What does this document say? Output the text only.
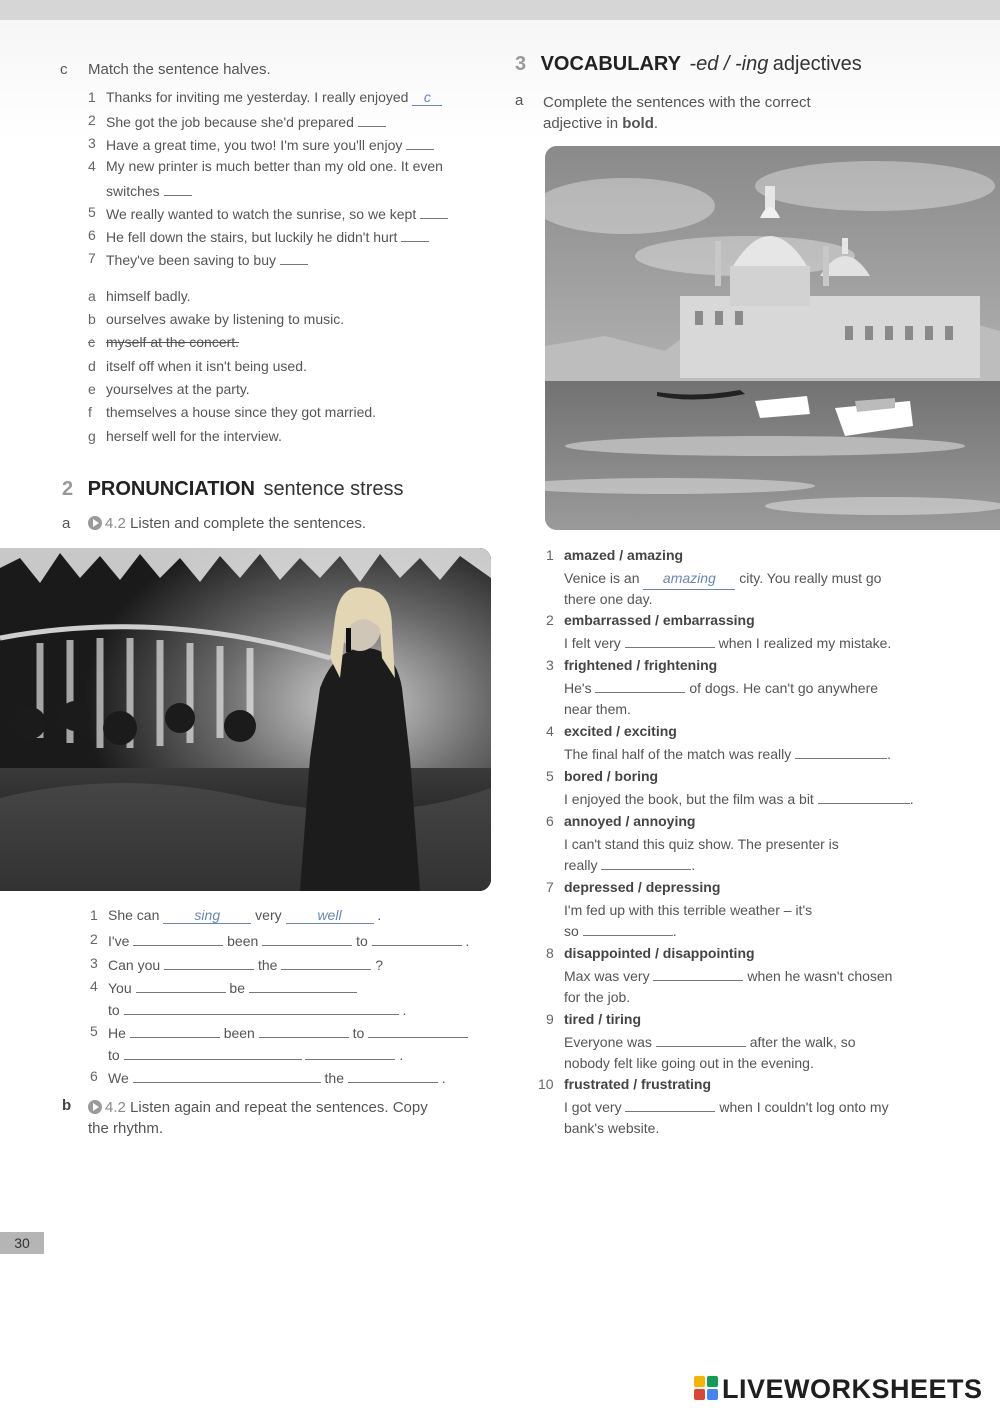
c Match the sentence halves.
1 Thanks for inviting me yesterday. I really enjoyed c
2 She got the job because she'd prepared
3 Have a great time, you two! I'm sure you'll enjoy
4 My new printer is much better than my old one. It even
switches
5 We really wanted to watch the sunrise, so we kept
6 He fell down the stairs, but luckily he didn't hurt
7 They've been saving to buy
a himself badly.
b ourselves awake by listening to music.
c myself at the concert.
d itself off when it isn't being used.
e yourselves at the party.
f themselves a house since they got married.
g herself well for the interview.
2 PRONUNCIATION sentence stress
a	4.2 Listen and complete the sentences.
1 She can	sing	very	well	.
2 I've	been	to	.
3 Can you	the	?
4 You	be
to	.
5 He	been	to
to	.
6 We	the	.
b	4.2 Listen again and repeat the sentences. Copy
the rhythm.
3 VOCABULARY -ed / -ing adjectives
a Complete the sentences with the correct
adjective in bold.
1 amazed / amazing
Venice is an amazing city. You really must go
there one day.
2 embarrassed / embarrassing
I felt very	when I realized my mistake.
3 frightened / frightening
He's	of dogs. He can't go anywhere
near them.
4 excited / exciting
The final half of the match was really	.
5 bored / boring
I enjoyed the book, but the film was a bit	.
6 annoyed / annoying
I can't stand this quiz show. The presenter is
really	.
7 depressed / depressing
I'm fed up with this terrible weather – it's
so	.
8 disappointed / disappointing
Max was very	when he wasn't chosen
for the job.
9 tired / tiring
Everyone was	after the walk, so
nobody felt like going out in the evening.
10 frustrated / frustrating
I got very	when I couldn't log onto my
bank's website.
30
LIVEWORKSHEETS
